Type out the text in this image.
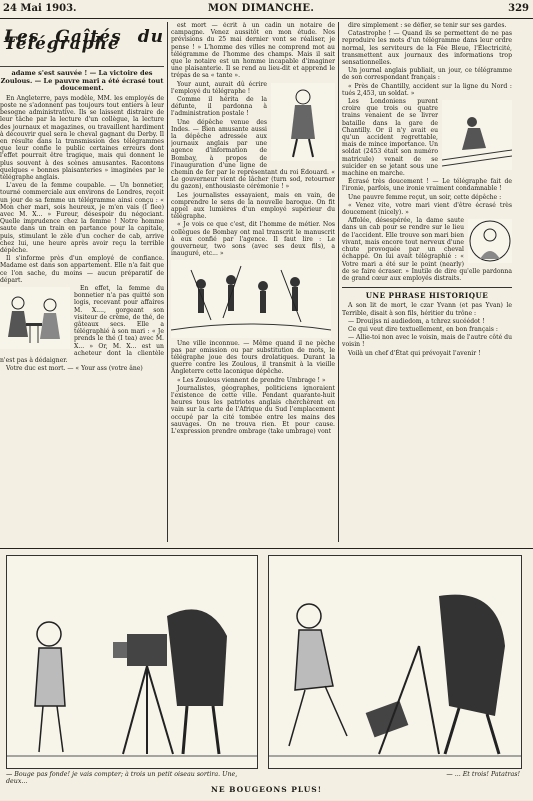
24 Mai 1903.	MON DIMANCHE.	329
Les Gaîtés du Télégraphe
adame s'est sauvée ! — La victoire des Zoulous. — Le pauvre mari a été écrasé tout doucement.

En Angleterre, pays modèle, MM. les employés de poste ne s'adonnent pas toujours tout entiers à leur besogne administrative. Ils se laissent distraire de leur tâche par la lecture d'un collègue, la lecture des journaux et magazines, ou travaillent hardiment à découvrir quel sera le cheval gagnant du Derby. Il en résulte dans la transmission des télégrammes que leur confie le public certaines erreurs dont l'effet pourrait être tragique, mais qui donnent le plus souvent à des scènes amusantes. Racontons quelques « bonnes plaisanteries » imaginées par le télégraphe anglais.

L'aveu de la femme coupable. — Un bonnetier, tourné commerciale aux environs de Londres, reçoit un jour de sa femme un télégramme ainsi conçu : « Mon cher mari, sois heureux, je m'en vais (I flee) avec M. X... » Fureur, désespoir du négociant. Quelle imprudence chez la femme ! Notre homme saute dans un train en partance pour la capitale, puis, stimulant le zèle d'un cocher de cab, arrive chez lui, une heure après avoir reçu la terrible dépêche.

Il s'informe près d'un employé de confiance. Madame est dans son appartement. Elle n'a fait que ce l'on sache, du moins — aucun préparatif de départ.

En effet, la femme du bonnetier n'a pas quitté son logis, recevant pour affaires M. X...., gorgeant son visiteur de crème, de thé, de gâteaux secs. Elle a télégraphié à son mari : « Je prends le thé (I tea) avec M. X... » Or, M. X... est un acheteur dont la clientèle n'est pas à dédaigner.

Votre duc est mort. — « Your ass (votre âne)

est mort — écrit à un cadin un notaire de campagne. Venez aussitôt en mon étude. Nos prévisions du 25 mai dernier vont se réaliser, je pense ! » L'homme des villes ne comprend mot au télégramme de l'homme des champs. Mais il sait que le notaire est un homme incapable d'imaginer une plaisanterie. Il se rend au lieu-dit et apprend le trépas de sa « tante ».

Your aunt, aurait dû écrire l'employé du télégraphe !

Comme il hérita de la défunte, il pardonna à l'administration postale !

Une dépêche venue des Indes. — Bien amusante aussi la dépêche adressée aux journaux anglais par une agence d'information de Bombay, à propos de l'inauguration d'une ligne de chemin de fer par le représentant du roi Édouard. « Le gouverneur vient de lâcher (turn sod, retourner du gazon), enthousiaste cérémonie ! »

Les journalistes essayaient, mais en vain, de comprendre le sens de la nouvelle baroque. On fit appel aux lumières d'un employé supérieur du télégraphe.

« Je vois ce que c'est, dit l'homme de métier. Nos collègues de Bombay ont mal transcrit le manuscrit à eux confié par l'agence. Il faut lire : Le gouverneur, two sons (avec ses deux fils), a inauguré, etc... »

Une ville inconnue. — Même quand il ne pèche pas par omission ou par substitution de mots, le télégraphe joue des tours drolatiques. Durant la guerre contre les Zoulous, il transmit à la vieille Angleterre cette laconique dépêche.

« Les Zoulous viennent de prendre Umbrage ! »

Journalistes, géographes, politiciens ignoraient l'existence de cette ville. Pendant quarante-huit heures tous les patriotes anglais cherchèrent en vain sur la carte de l'Afrique du Sud l'emplacement occupé par la cité tombée entre les mains des sauvages. On ne trouva rien. Et pour cause. L'expression prendre ombrage (take umbrage) vont

dire simplement : se défier, se tenir sur ses gardes.

Catastrophe ! — Quand ils se permettent de ne pas reproduire les mots d'un télégramme dans leur ordre normal, les serviteurs de la Fée Bleue, l'Électricité, transmettent aux journaux des informations trop sensationnelles.

Un journal anglais publiait, un jour, ce télégramme de son correspondant français :

« Près de Chantilly, accident sur la ligne du Nord : tués 2,453, un soldat. »

Les Londoniens purent croire que trois ou quatre trains venaient de se livrer bataille dans la gare de Chantilly. Or il n'y avait eu qu'un accident regrettable, mais de mince importance. Un soldat (2453 était son numéro matricule) venait de se suicider en se jetant sous une machine en marche.

Écrasé très doucement ! — Le télégraphe fait de l'ironie, parfois, une ironie vraiment condamnable !

Une pauvre femme reçut, un soir, cette dépêche :

« Venez vite, votre mari vient d'être écrasé très doucement (nicely). »

Affolée, désespérée, la dame saute dans un cab pour se rendre sur le lieu de l'accident. Elle trouve son mari bien vivant, mais encore tout nerveux d'une chute provoquée par un cheval échappé. On lui avait télégraphié : « Votre mari a été sur le point (nearly) de se faire écraser. » Inutile de dire qu'elle pardonna de grand cœur aux employés distraits.

UNE PHRASE HISTORIQUE

A son lit de mort, le czar Yvann (et pas Yvan) le Terrible, disait à son fils, héritier du trône :

— Drouijss ni audiedom, a tchrez sucéédot !

Ce qui veut dire textuellement, en bon français :

— Allie-toi non avec le voisin, mais de l'autre côté du voisin !

Voilà un chef d'État qui prévoyait l'avenir !

— Bouge pas fonde! je vais compter; à trois un petit oiseau sortira. Une, deux...
— ... Et trois! Patatras!
NE BOUGEONS PLUS!
